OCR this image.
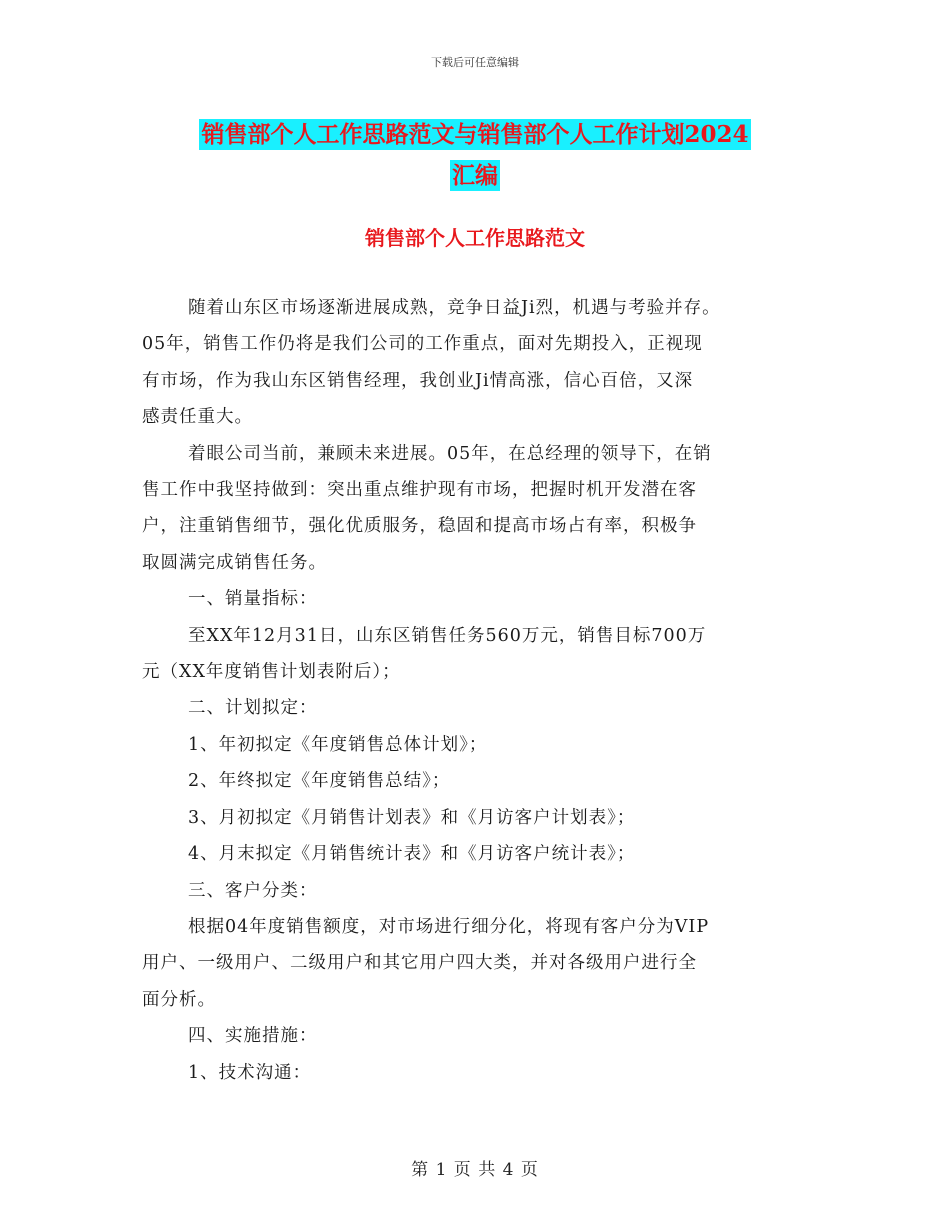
下载后可任意编辑
销售部个人工作思路范文与销售部个人工作计划2024
汇编
销售部个人工作思路范文

随着山东区市场逐渐进展成熟，竞争日益Ji烈，机遇与考验并存。

05年，销售工作仍将是我们公司的工作重点，面对先期投入，正视现

有市场，作为我山东区销售经理，我创业Ji情高涨，信心百倍，又深

感责任重大。

着眼公司当前，兼顾未来进展。05年，在总经理的领导下，在销

售工作中我坚持做到：突出重点维护现有市场，把握时机开发潜在客

户，注重销售细节，强化优质服务，稳固和提高市场占有率，积极争

取圆满完成销售任务。

一、销量指标：

至XX年12月31日，山东区销售任务560万元，销售目标700万

元（XX年度销售计划表附后）；

二、计划拟定：

1、年初拟定《年度销售总体计划》；

2、年终拟定《年度销售总结》；

3、月初拟定《月销售计划表》和《月访客户计划表》；

4、月末拟定《月销售统计表》和《月访客户统计表》；

三、客户分类：

根据04年度销售额度，对市场进行细分化，将现有客户分为VIP

用户、一级用户、二级用户和其它用户四大类，并对各级用户进行全

面分析。

四、实施措施：

1、技术沟通：

第 1 页 共 4 页
